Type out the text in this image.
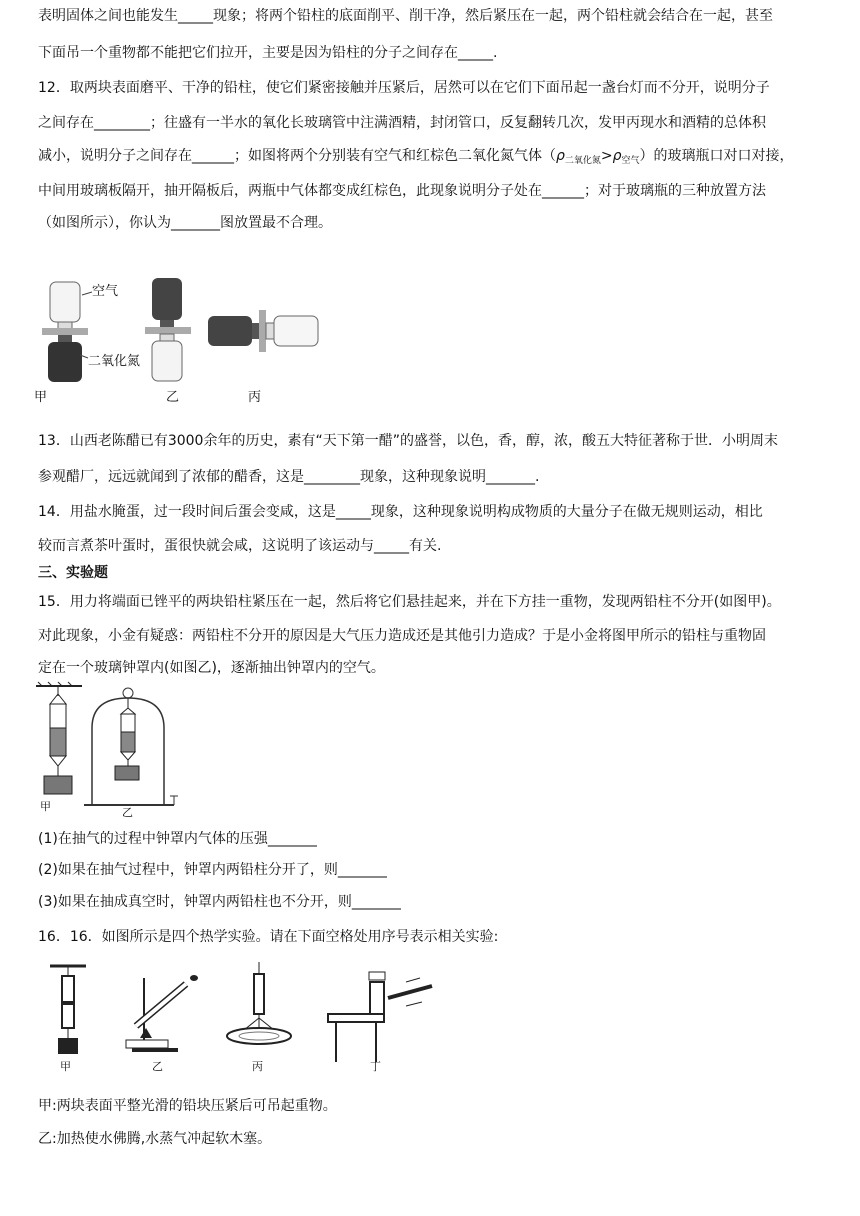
表明固体之间也能发生_____现象；将两个铅柱的底面削平、削干净，然后紧压在一起，两个铅柱就会结合在一起，甚至
下面吊一个重物都不能把它们拉开，主要是因为铅柱的分子之间存在_____.
12．取两块表面磨平、干净的铅柱，使它们紧密接触并压紧后，居然可以在它们下面吊起一盏台灯而不分开，说明分子
之间存在________；往盛有一半水的氧化长玻璃管中注满酒精，封闭管口，反复翻转几次，发甲丙现水和酒精的总体积
减小，说明分子之间存在______；如图将两个分别装有空气和红棕色二氧化氮气体$(\rho_{二氧化氮}>\rho_{空气})$的玻璃瓶口对口对接，
中间用玻璃板隔开，抽开隔板后，两瓶中气体都变成红棕色，此现象说明分子处在______；对于玻璃瓶的三种放置方法
（如图所示），你认为_______图放置最不合理。
空气
二氧化氮
甲	乙	丙
13．山西老陈醋已有3000余年的历史，素有“天下第一醋”的盛誉，以色，香，醇，浓，酸五大特征著称于世．小明周末
参观醋厂，远远就闻到了浓郁的醋香，这是________现象，这种现象说明_______.
14．用盐水腌蛋，过一段时间后蛋会变咸，这是_____现象，这种现象说明构成物质的大量分子在做无规则运动，相比
较而言煮茶叶蛋时，蛋很快就会咸，这说明了该运动与_____有关.
三、实验题
15．用力将端面已锉平的两块铅柱紧压在一起，然后将它们悬挂起来，并在下方挂一重物，发现两铅柱不分开(如图甲)。
对此现象，小金有疑惑：两铅柱不分开的原因是大气压力造成还是其他引力造成？于是小金将图甲所示的铅柱与重物固
定在一个玻璃钟罩内(如图乙)，逐渐抽出钟罩内的空气。
甲	乙
(1)在抽气的过程中钟罩内气体的压强_______
(2)如果在抽气过程中，钟罩内两铅柱分开了，则_______
(3)如果在抽成真空时，钟罩内两铅柱也不分开，则_______
16．16．如图所示是四个热学实验。请在下面空格处用序号表示相关实验:
甲	乙	丙	丁
甲:两块表面平整光滑的铅块压紧后可吊起重物。
乙:加热使水佛腾,水蒸气冲起软木塞。
